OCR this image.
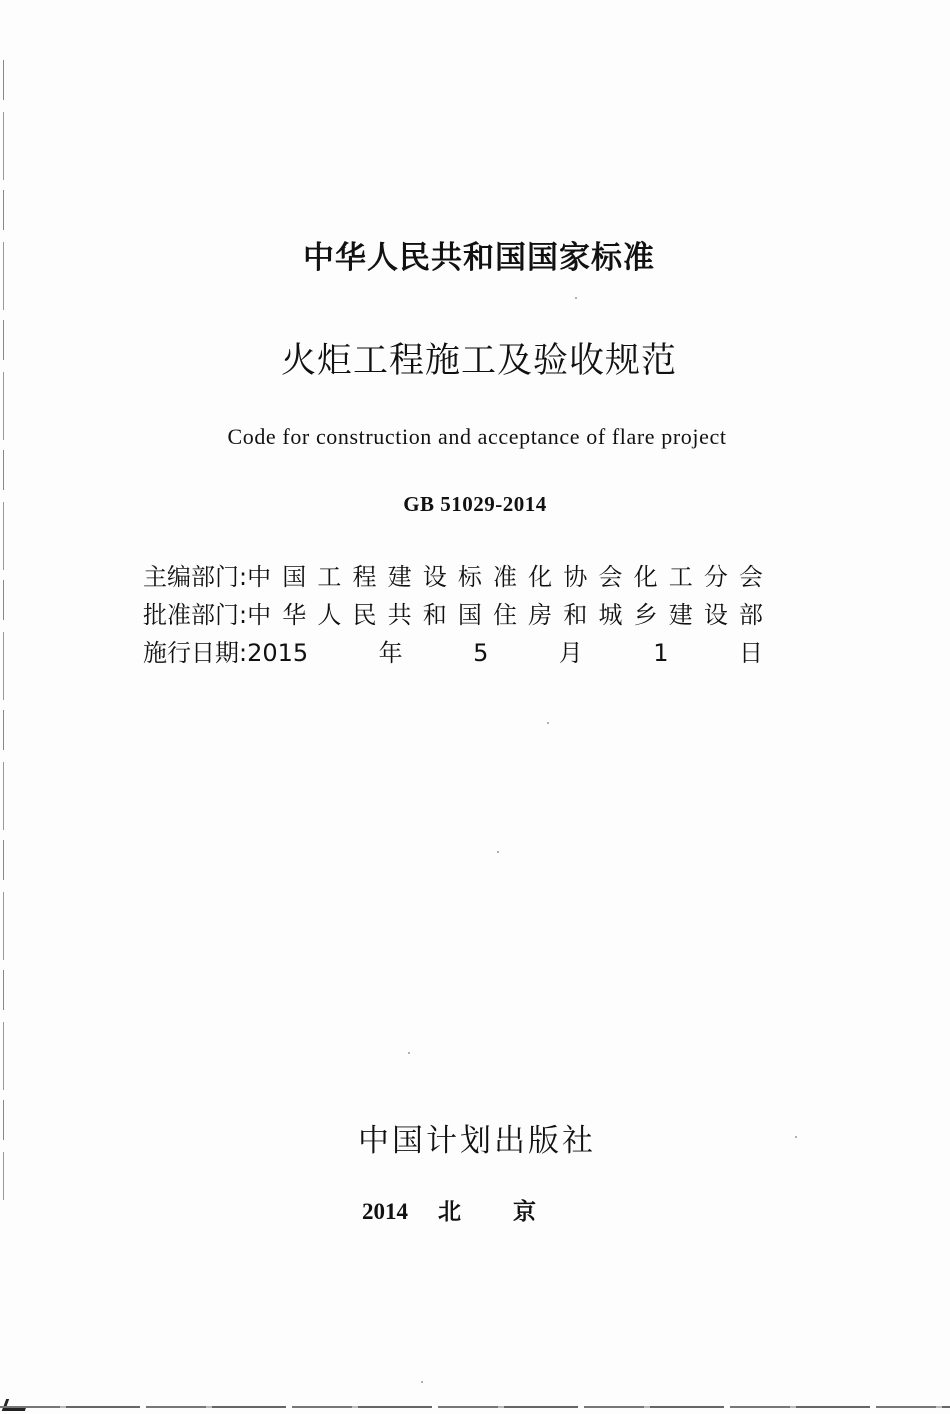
中华人民共和国国家标准
火炬工程施工及验收规范
Code for construction and acceptance of flare project
GB 51029-2014
主编部门: 中国工程建设标准化协会化工分会
批准部门: 中华人民共和国住房和城乡建设部
施行日期: 2015年5月1日
中国计划出版社
2014 北京
